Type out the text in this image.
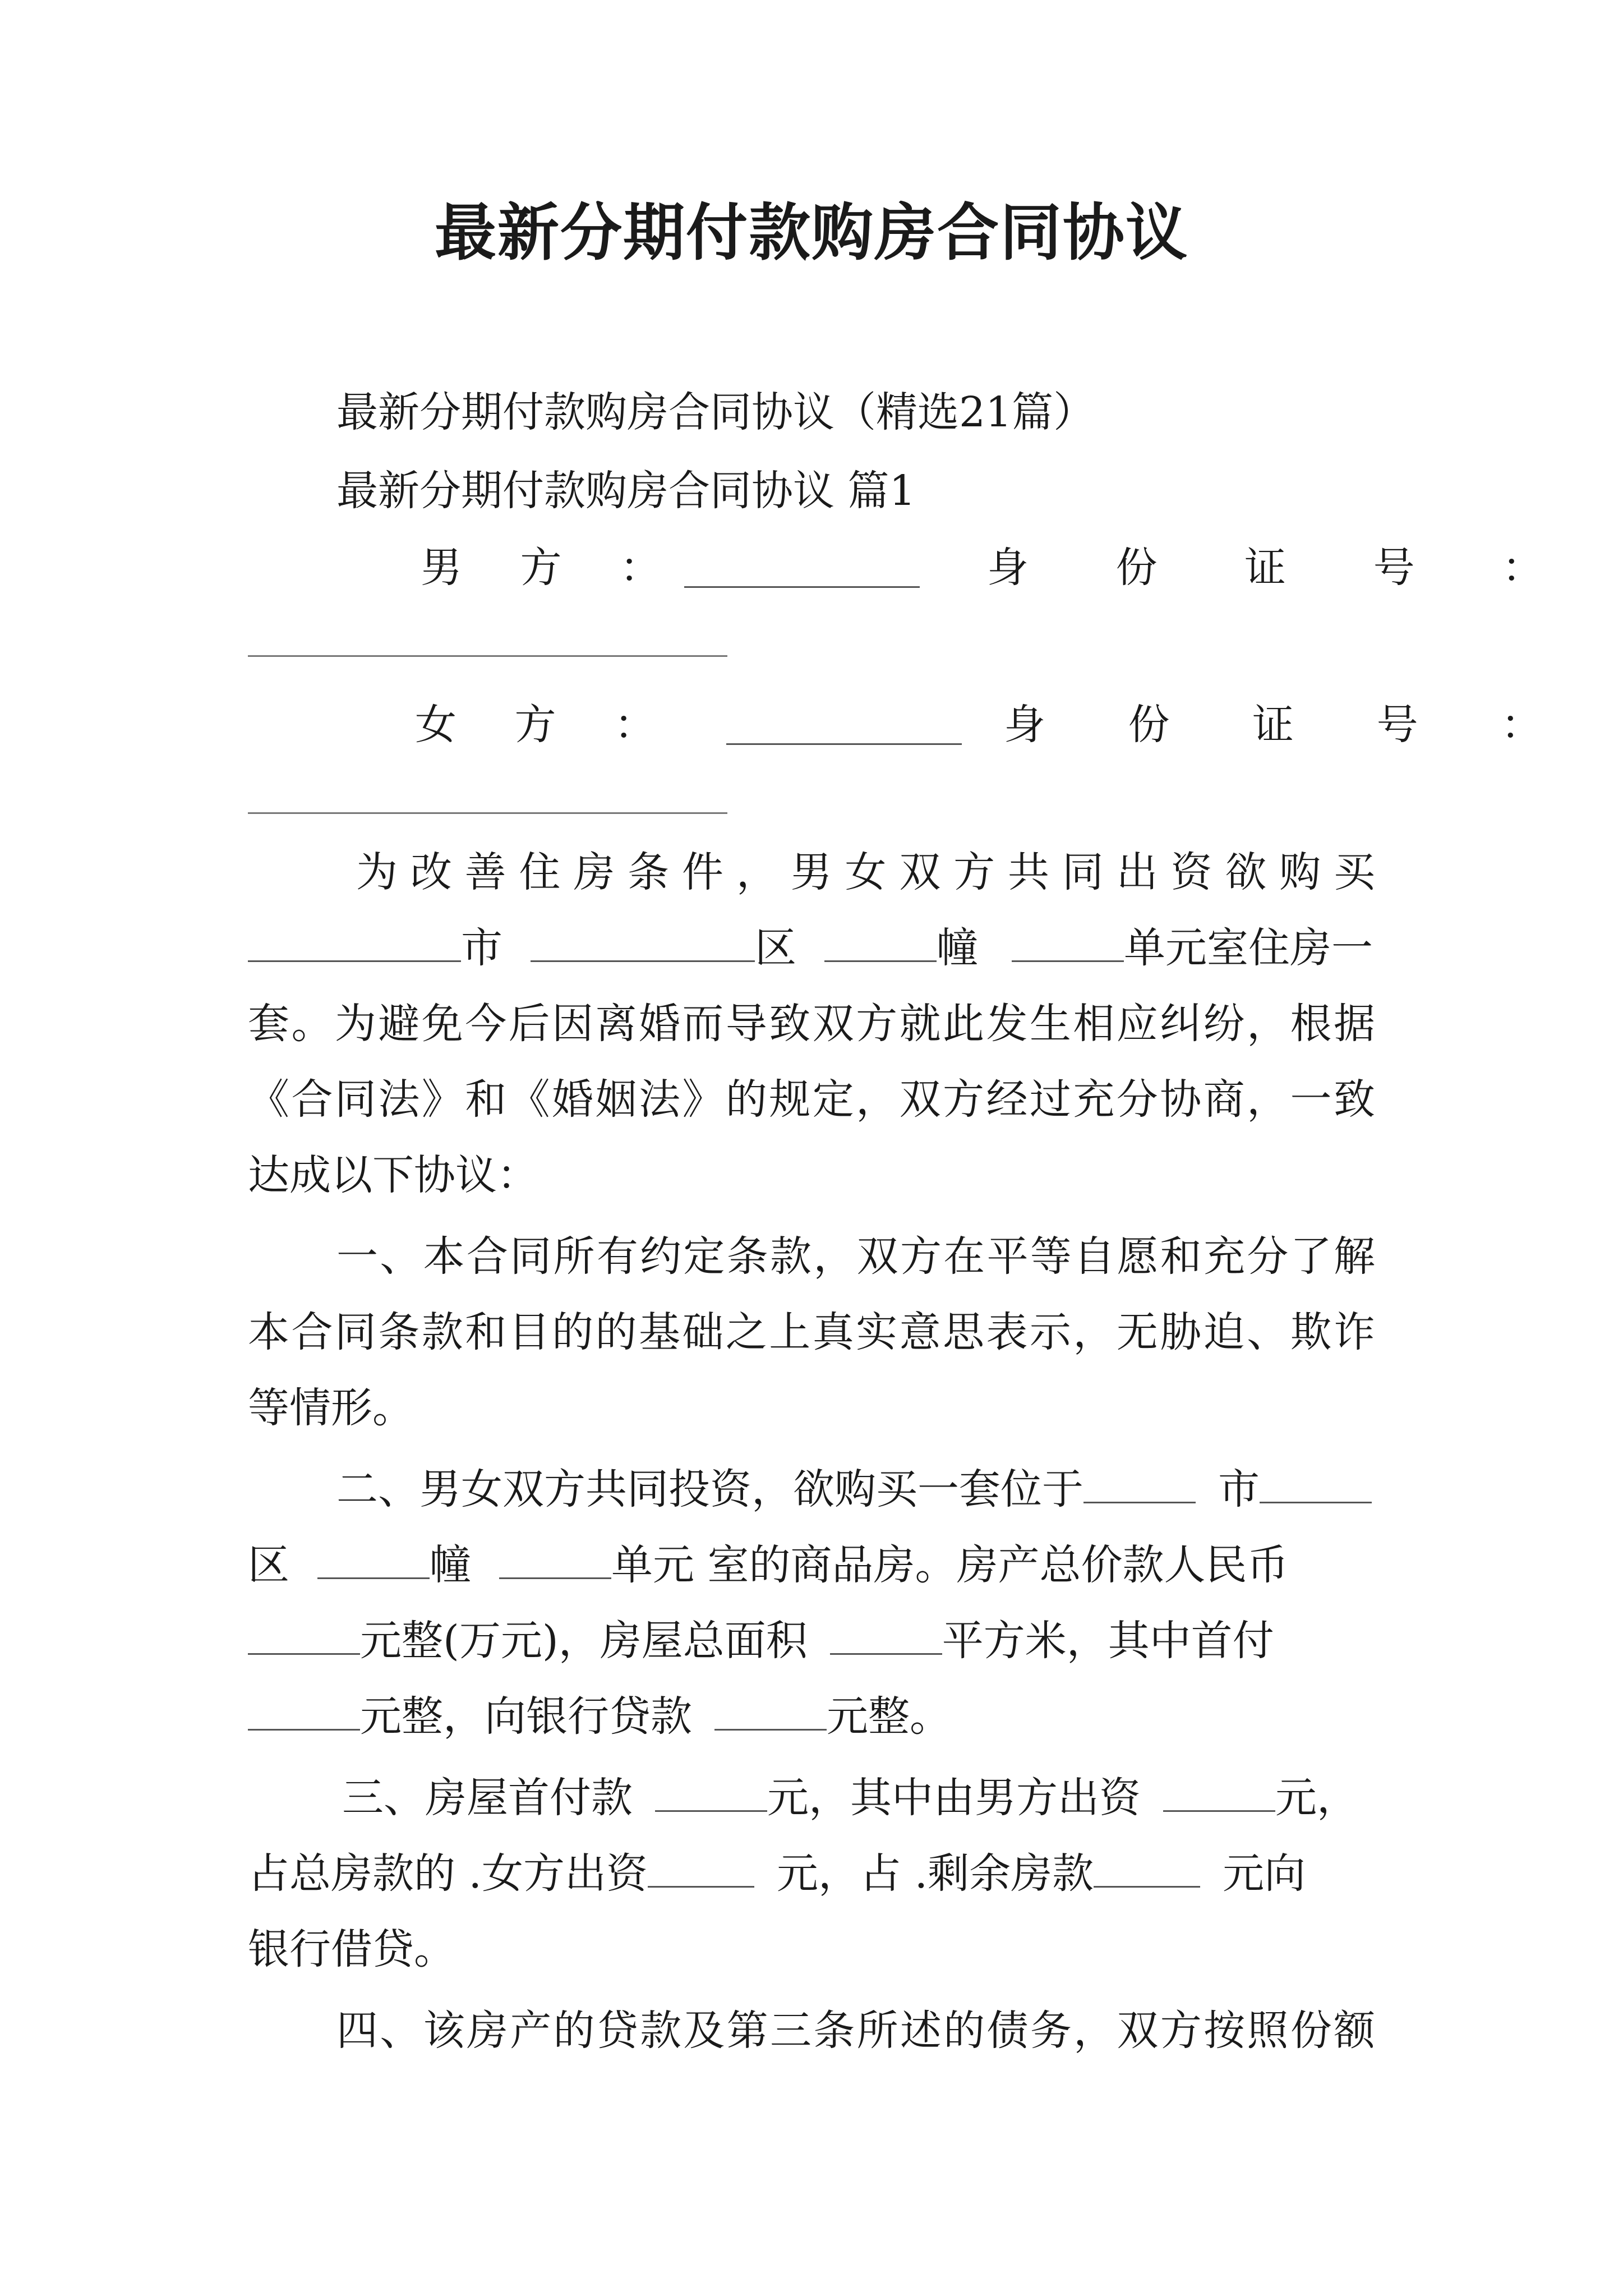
最新分期付款购房合同协议
最新分期付款购房合同协议（精选21篇）
最新分期付款购房合同协议 篇1
男 方 ：	身 份 证 号 ：
女 方 ：	身 份 证 号 ：
为改善住房条件，男女双方共同出资欲购买
市	区	幢	单元室住房一
套。为避免今后因离婚而导致双方就此发生相应纠纷，根据
《合同法》和《婚姻法》的规定，双方经过充分协商，一致
达成以下协议：
一、本合同所有约定条款，双方在平等自愿和充分了解
本合同条款和目的的基础之上真实意思表示，无胁迫、欺诈
等情形。
二、男女双方共同投资，欲购买一套位于	市
区	幢	单元 室的商品房。房产总价款人民币
元整(万元)，房屋总面积	平方米，其中首付
元整，向银行贷款	元整。
三、房屋首付款	元，其中由男方出资	元，
占总房款的 .女方出资	元，占 .剩余房款	元向
银行借贷。
四、该房产的贷款及第三条所述的债务，双方按照份额
